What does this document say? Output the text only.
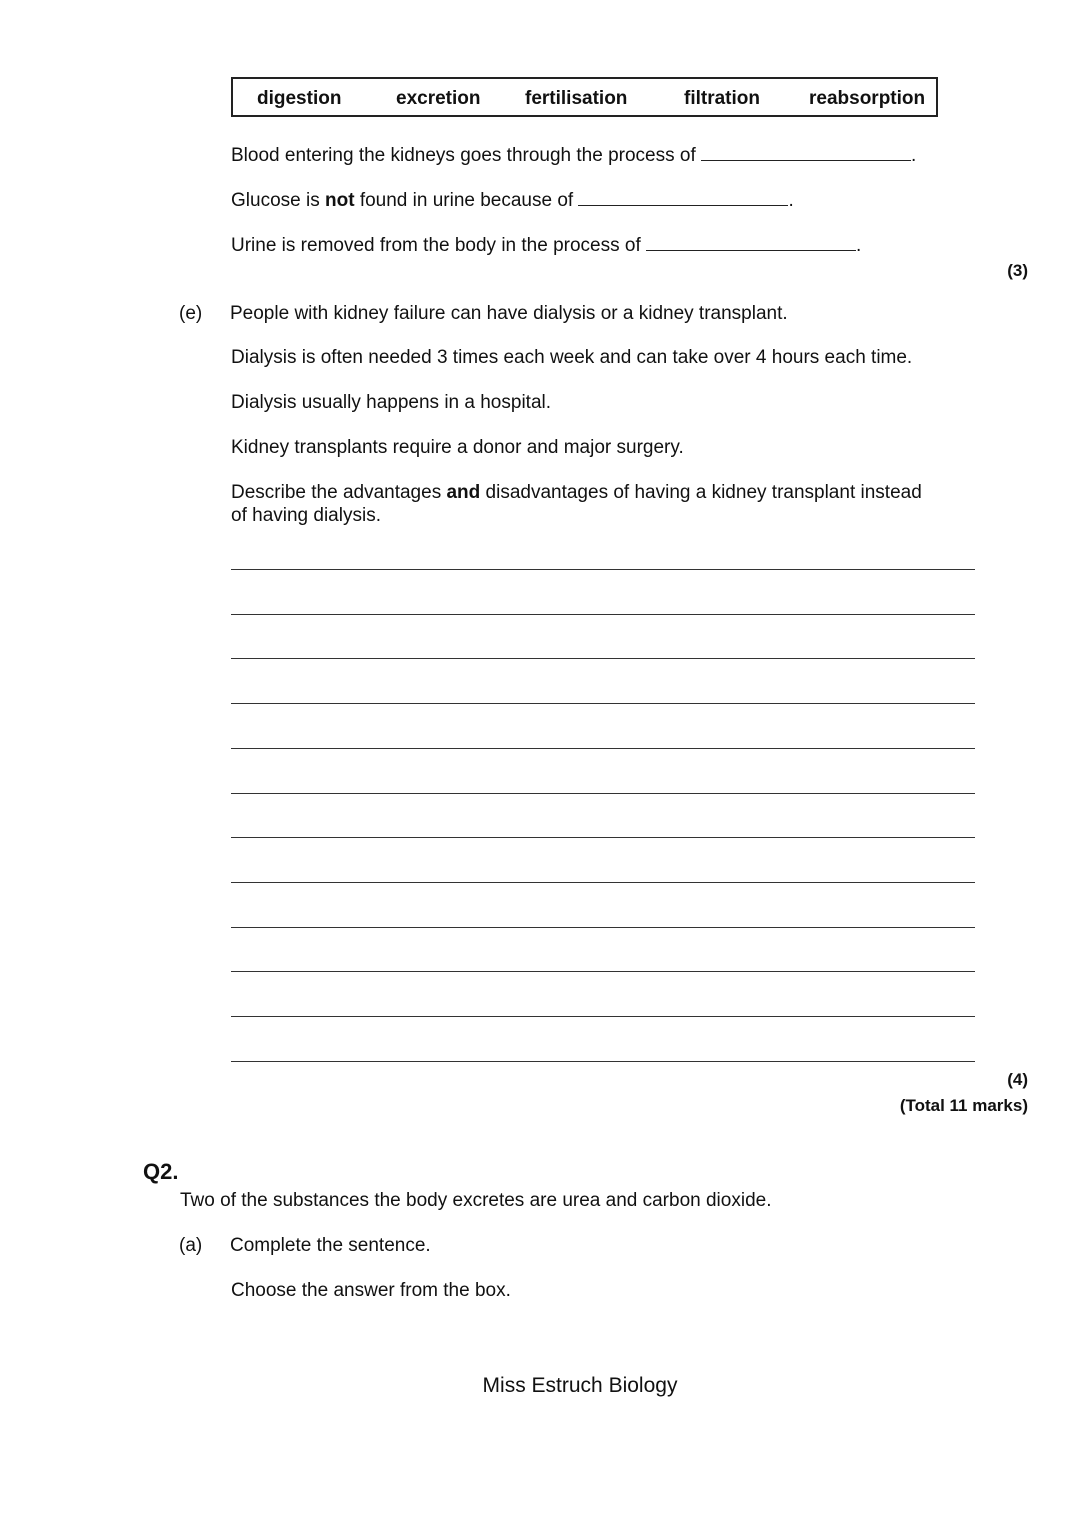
digestion	excretion fertilisation	filtration	reabsorption
Blood entering the kidneys goes through the process of	.
Glucose is not found in urine because of	.
Urine is removed from the body in the process of	.
(3)
(e) People with kidney failure can have dialysis or a kidney transplant.
Dialysis is often needed 3 times each week and can take over 4 hours each time.
Dialysis usually happens in a hospital.
Kidney transplants require a donor and major surgery.
Describe the advantages and disadvantages of having a kidney transplant instead
of having dialysis.
(4)
(Total 11 marks)
Q2.
Two of the substances the body excretes are urea and carbon dioxide.
(a) Complete the sentence.
Choose the answer from the box.
Miss Estruch Biology
